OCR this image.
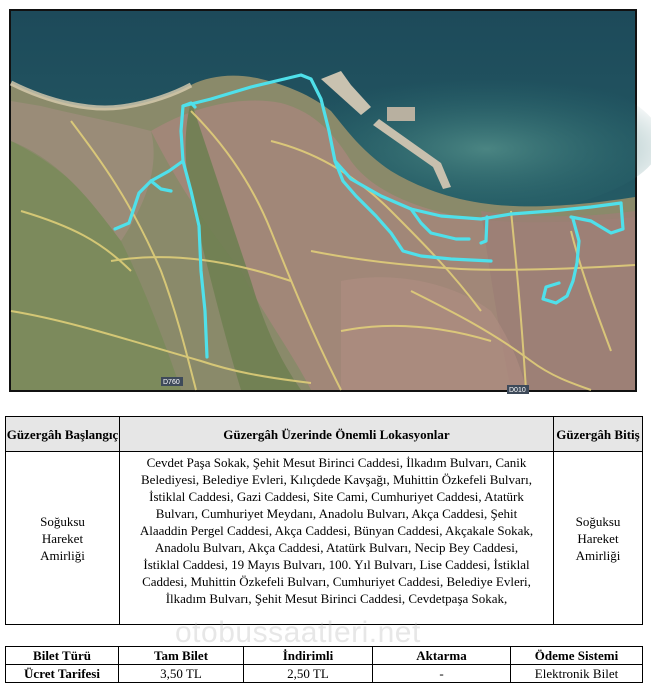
D760
D010
Güzergâh Başlangıç	Güzergâh Üzerinde Önemli Lokasyonlar	Güzergâh Bitiş

Soğuksu Hareket Amirliği	Cevdet Paşa Sokak, Şehit Mesut Birinci Caddesi, İlkadım Bulvarı, Canik Belediyesi, Belediye Evleri, Kılıçdede Kavşağı, Muhittin Özkefeli Bulvarı, İstiklal Caddesi, Gazi Caddesi, Site Cami, Cumhuriyet Caddesi, Atatürk Bulvarı, Cumhuriyet Meydanı, Anadolu Bulvarı, Akça Caddesi, Şehit Alaaddin Pergel Caddesi, Akça Caddesi, Bünyan Caddesi, Akçakale Sokak, Anadolu Bulvarı, Akça Caddesi, Atatürk Bulvarı, Necip Bey Caddesi, İstiklal Caddesi, 19 Mayıs Bulvarı, 100. Yıl Bulvarı, Lise Caddesi, İstiklal Caddesi, Muhittin Özkefeli Bulvarı, Cumhuriyet Caddesi, Belediye Evleri, İlkadım Bulvarı, Şehit Mesut Birinci Caddesi, Cevdetpaşa Sokak,	Soğuksu Hareket Amirliği
otobussaatleri.net
Bilet Türü	Tam Bilet	İndirimli	Aktarma	Ödeme Sistemi
Ücret Tarifesi	3,50 TL	2,50 TL	-	Elektronik Bilet
